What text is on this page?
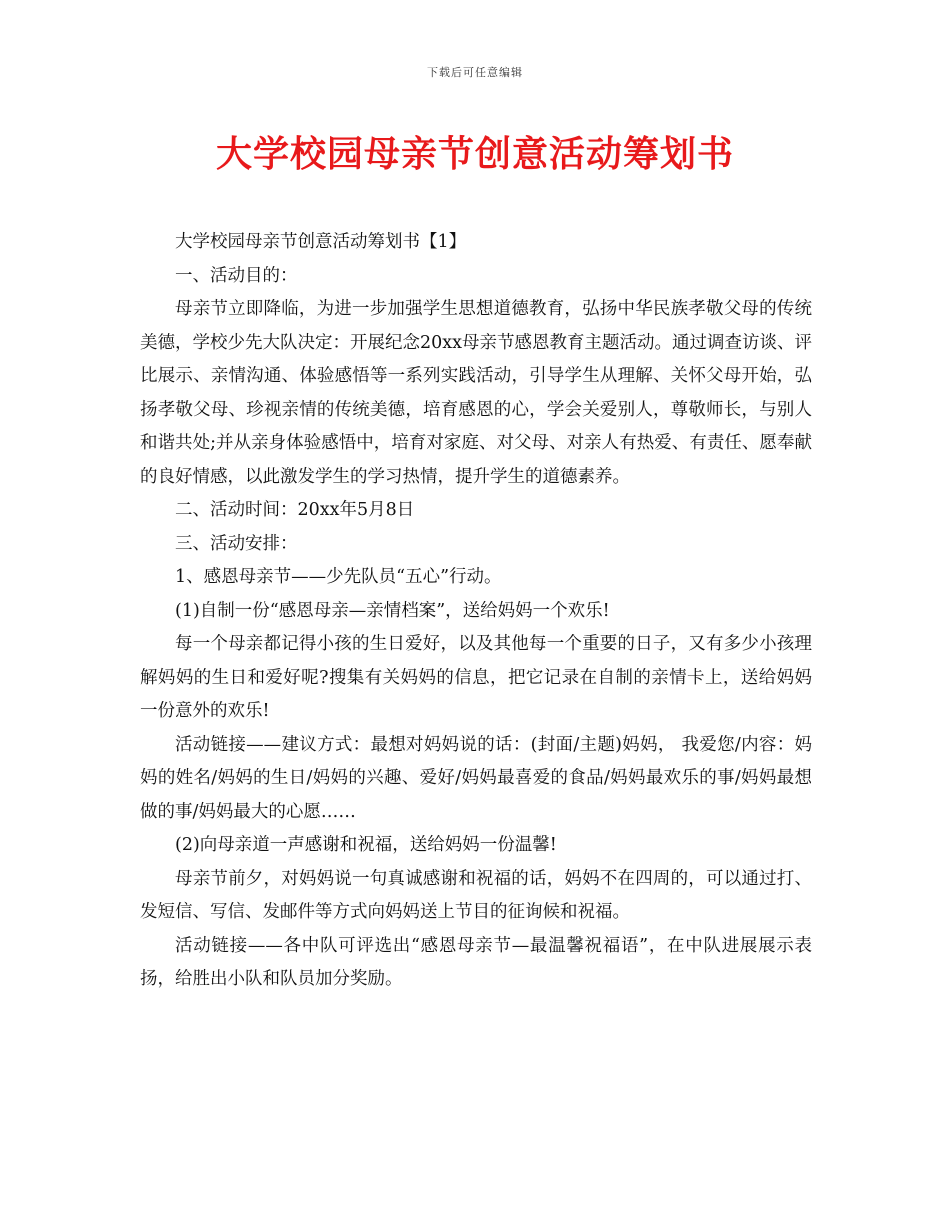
下载后可任意编辑
大学校园母亲节创意活动筹划书

大学校园母亲节创意活动筹划书【1】

一、活动目的：

母亲节立即降临，为进一步加强学生思想道德教育，弘扬中华民族孝敬父母的传统美德，学校少先大队决定：开展纪念20xx母亲节感恩教育主题活动。通过调查访谈、评比展示、亲情沟通、体验感悟等一系列实践活动，引导学生从理解、关怀父母开始，弘扬孝敬父母、珍视亲情的传统美德，培育感恩的心，学会关爱别人，尊敬师长，与别人和谐共处;并从亲身体验感悟中，培育对家庭、对父母、对亲人有热爱、有责任、愿奉献的良好情感，以此激发学生的学习热情，提升学生的道德素养。

二、活动时间：20xx年5月8日

三、活动安排：

1、感恩母亲节——少先队员“五心”行动。

(1)自制一份“感恩母亲—亲情档案”，送给妈妈一个欢乐!

每一个母亲都记得小孩的生日爱好，以及其他每一个重要的日子，又有多少小孩理解妈妈的生日和爱好呢?搜集有关妈妈的信息，把它记录在自制的亲情卡上，送给妈妈一份意外的欢乐!

活动链接——建议方式：最想对妈妈说的话：(封面/主题)妈妈， 我爱您/内容：妈妈的姓名/妈妈的生日/妈妈的兴趣、爱好/妈妈最喜爱的食品/妈妈最欢乐的事/妈妈最想做的事/妈妈最大的心愿……

(2)向母亲道一声感谢和祝福，送给妈妈一份温馨!

母亲节前夕，对妈妈说一句真诚感谢和祝福的话，妈妈不在四周的，可以通过打、发短信、写信、发邮件等方式向妈妈送上节目的征询候和祝福。

活动链接——各中队可评选出“感恩母亲节—最温馨祝福语”，在中队进展展示表扬，给胜出小队和队员加分奖励。
